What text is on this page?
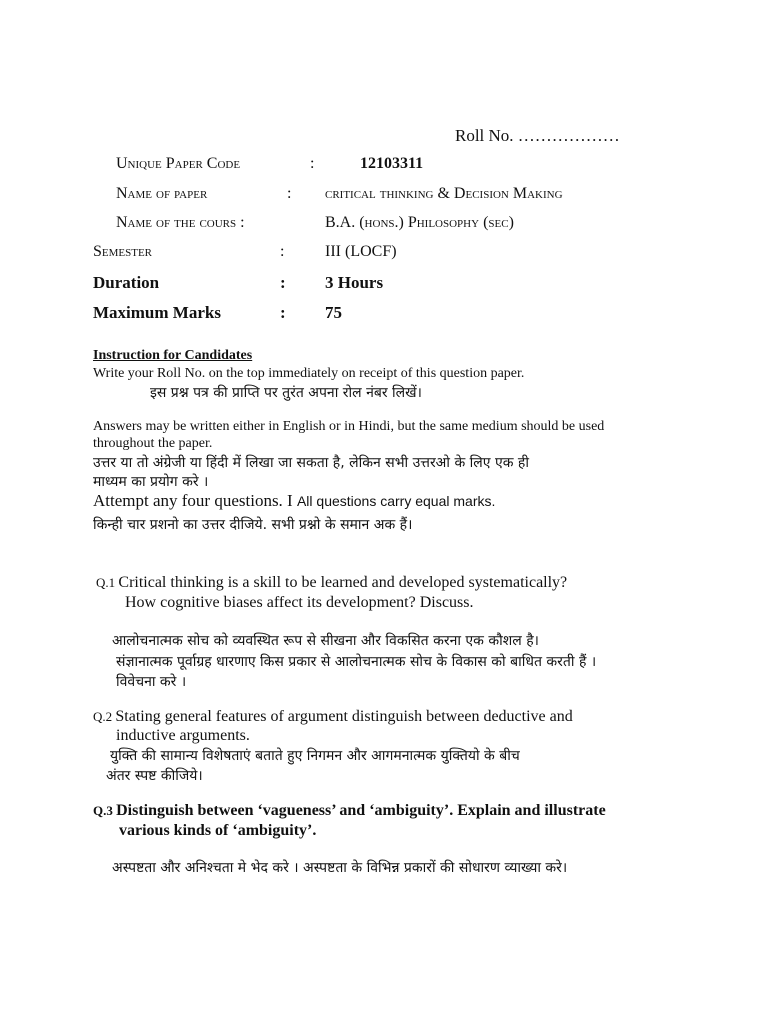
Roll No. ………………
Unique Paper Code	:	12103311
Name of paper	: critical thinking & Decision Making
Name of the cours :	B.A. (hons.) Philosophy (sec)
Semester	:	III (LOCF)
Duration	: 3 Hours
Maximum Marks	: 75
Instruction for Candidates
Write your Roll No. on the top immediately on receipt of this question paper.
इस प्रश्न पत्र की प्राप्ति पर तुरंत अपना रोल नंबर लिखें।
Answers may be written either in English or in Hindi, but the same medium should be used
throughout the paper.
उत्तर या तो अंग्रेजी या हिंदी में लिखा जा सकता है, लेकिन सभी उत्तरओ के लिए एक ही
माध्यम का प्रयोग करे ।
Attempt any four questions. I All questions carry equal marks.
किन्ही चार प्रशनो का उत्तर दीजिये. सभी प्रश्नो के समान अक हैं।
Q.1 Critical thinking is a skill to be learned and developed systematically?
How cognitive biases affect its development? Discuss.
आलोचनात्मक सोच को व्यवस्थित रूप से सीखना और विकसित करना एक कौशल है।
संज्ञानात्मक पूर्वाग्रह धारणाए किस प्रकार से आलोचनात्मक सोच के विकास को बाधित करती हैं ।
विवेचना करे ।
Q.2 Stating general features of argument distinguish between deductive and
inductive arguments.
युक्ति की सामान्य विशेषताएं बताते हुए निगमन और आगमनात्मक युक्तियो के बीच
अंतर स्पष्ट कीजिये।
Q.3 Distinguish between ‘vagueness’ and ‘ambiguity’. Explain and illustrate
various kinds of ‘ambiguity’.
अस्पष्टता और अनिश्चता मे भेद करे । अस्पष्टता के विभिन्न प्रकारों की सोधारण व्याख्या करे।
